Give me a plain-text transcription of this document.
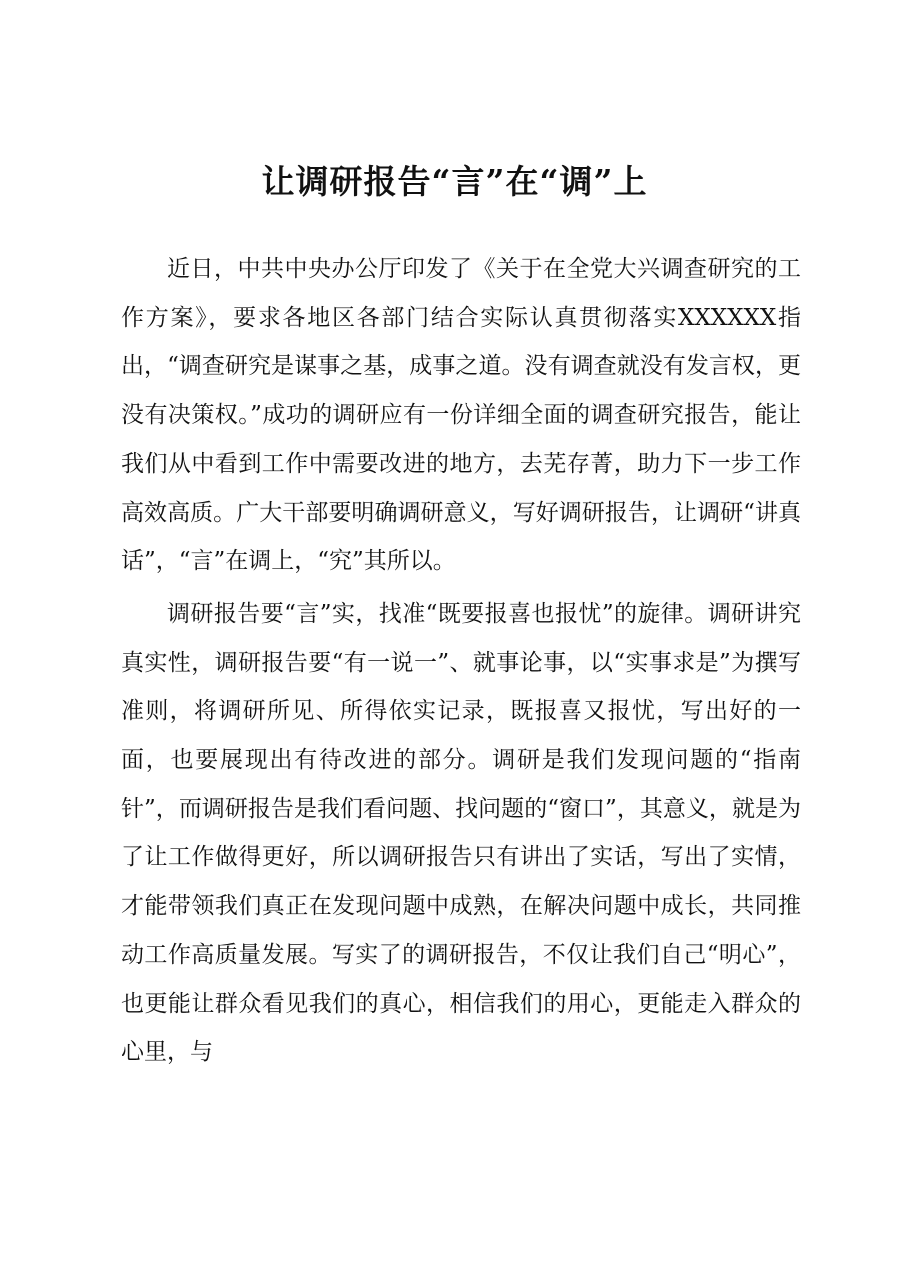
让调研报告“言”在“调”上

近日，中共中央办公厅印发了《关于在全党大兴调查研究的工作方案》，要求各地区各部门结合实际认真贯彻落实XXXXXX指出，“调查研究是谋事之基，成事之道。没有调查就没有发言权，更没有决策权。”成功的调研应有一份详细全面的调查研究报告，能让我们从中看到工作中需要改进的地方，去芜存菁，助力下一步工作高效高质。广大干部要明确调研意义，写好调研报告，让调研“讲真话”，“言”在调上，“究”其所以。

调研报告要“言”实，找准“既要报喜也报忧”的旋律。调研讲究真实性，调研报告要“有一说一”、就事论事，以“实事求是”为撰写准则，将调研所见、所得依实记录，既报喜又报忧，写出好的一面，也要展现出有待改进的部分。调研是我们发现问题的“指南针”，而调研报告是我们看问题、找问题的“窗口”，其意义，就是为了让工作做得更好，所以调研报告只有讲出了实话，写出了实情，才能带领我们真正在发现问题中成熟，在解决问题中成长，共同推动工作高质量发展。写实了的调研报告，不仅让我们自己“明心”，也更能让群众看见我们的真心，相信我们的用心，更能走入群众的心里，与
